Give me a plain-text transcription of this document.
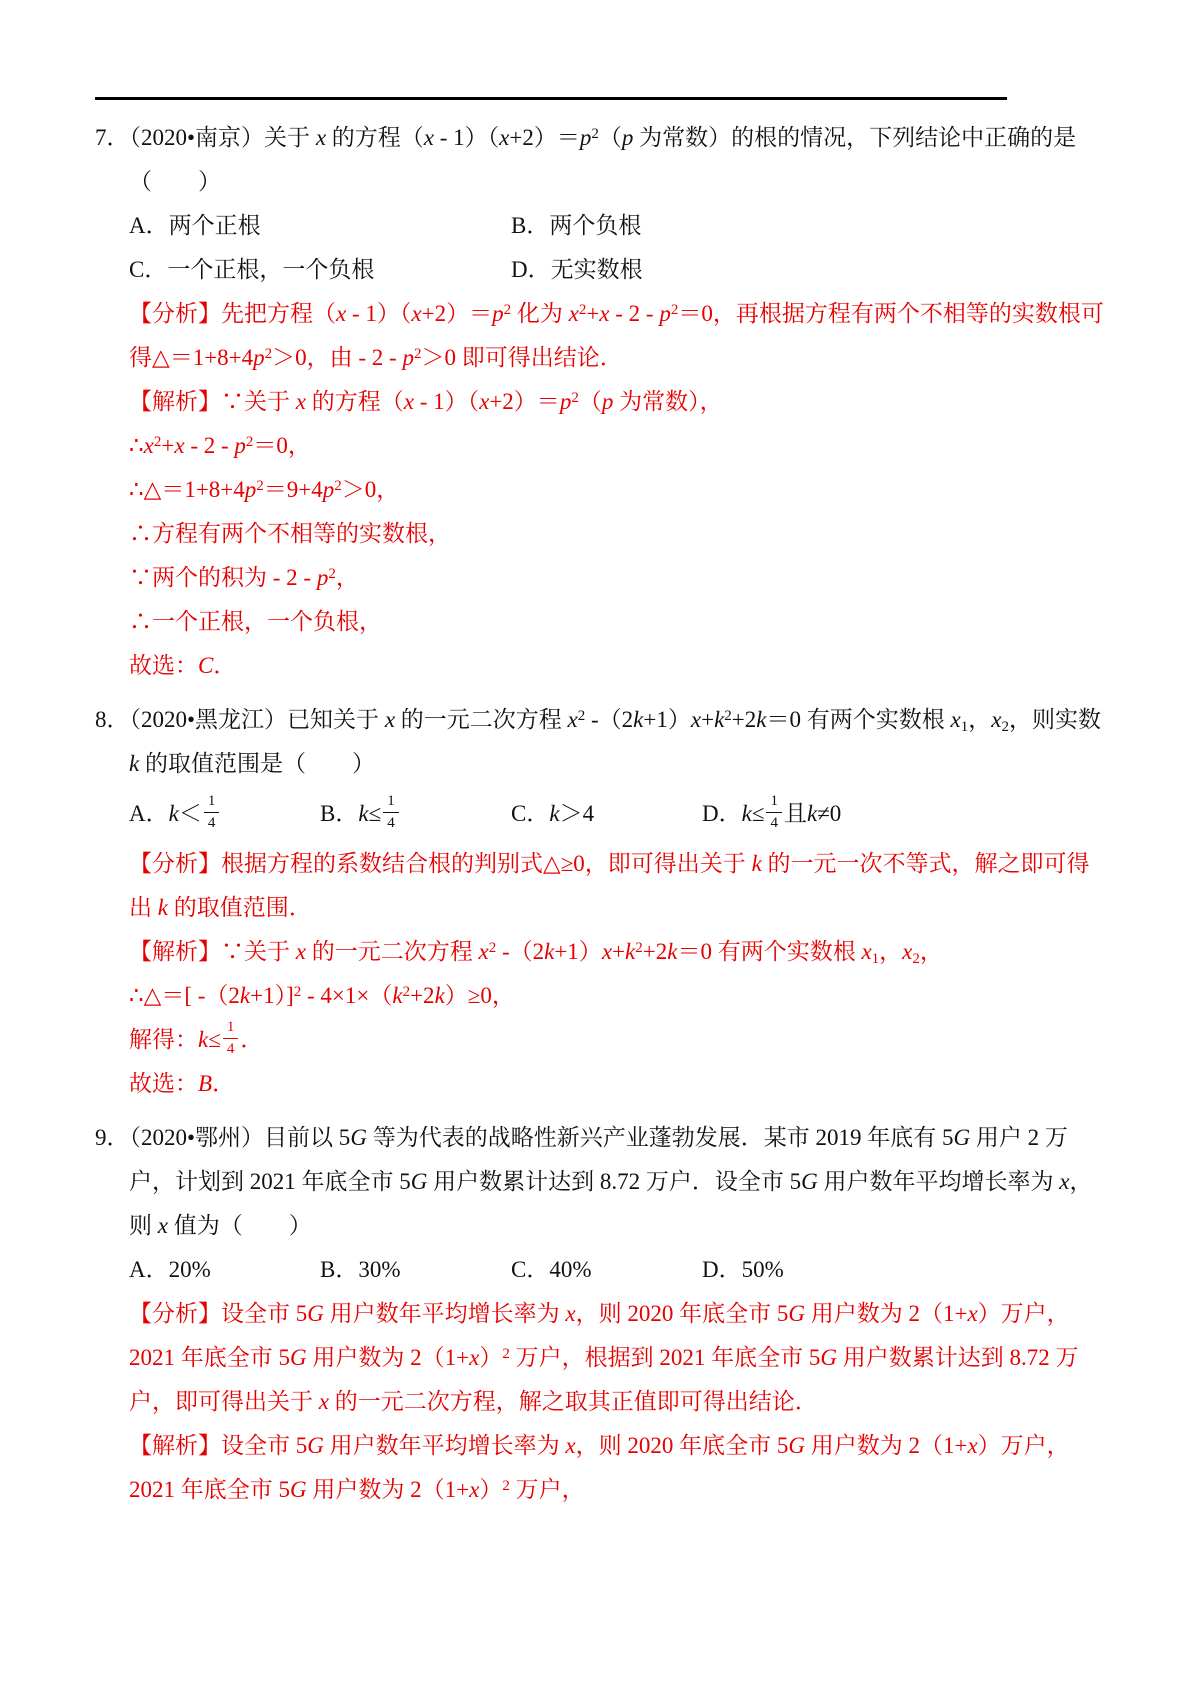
7．（2020•南京）关于 x 的方程$(x - 1)(x+2)=p^2(p$ 为常数）的根的情况，下列结论中正确的是（　　）

A．两个正根	B．两个负根
C．一个正根，一个负根	D．无实数根

【分析】先把方程$(x - 1)(x+2)=p^2$ 化为 $x^2+x - 2 - p^2=0$，再根据方程有两个不相等的实数根可得$\triangle=1+8+4p^2>0$，由 - $2 - p^2>0$ 即可得出结论．

【解析】∵关于 x 的方程$(x - 1)(x+2)=p^2(p$ 为常数），

$\therefore x^2+x - 2 - p^2=0$，

$\therefore\triangle=1+8+4p^2=9+4p^2>0$，

∴方程有两个不相等的实数根，

∵两个的积为 - $2 - p^2$，

∴一个正根，一个负根，

故选：C．

8．（2020•黑龙江）已知关于 x 的一元二次方程 $x^2$ $-(2k+1)x+k^2+2k=0$ 有两个实数根 $x_1$，$x_2$，则实数 k 的取值范围是（　　）

A．$k< \frac{1}{4}$	B．$k\le \frac{1}{4}$	C．k＞4	D．$k\le \frac{1}{4}$ 且k≠0

【分析】根据方程的系数结合根的判别式△≥0，即可得出关于 k 的一元一次不等式，解之即可得出 k 的取值范围．

【解析】∵关于 x 的一元二次方程 $x^2$ $-(2k+1)x+k^2+2k=0$ 有两个实数根 $x_1$，$x_2$，

∴△＝[ $-(2k+1)]^2 - 4\times 1\times(k^2+2k)\ge 0$，

解得：$k\le \frac{1}{4}$ ．

故选：B．

9．（2020•鄂州）目前以 5G 等为代表的战略性新兴产业蓬勃发展．某市 2019 年底有 5G 用户 2 万户，计划到 2021 年底全市 5G 用户数累计达到 8.72 万户．设全市 5G 用户数年平均增长率为 x，则 x 值为（　　）

A．20%	B．30%	C．40%	D．50%

【分析】设全市 5G 用户数年平均增长率为 x，则 2020 年底全市 5G 用户数为 2（1+x）万户，2021 年底全市 5G 用户数为 $2(1+x)^2$ 万户，根据到 2021 年底全市 5G 用户数累计达到 8.72 万户，即可得出关于 x 的一元二次方程，解之取其正值即可得出结论．

【解析】设全市 5G 用户数年平均增长率为 x，则 2020 年底全市 5G 用户数为 2（1+x）万户，2021 年底全市 5G 用户数为 $2(1+x)^2$ 万户，
